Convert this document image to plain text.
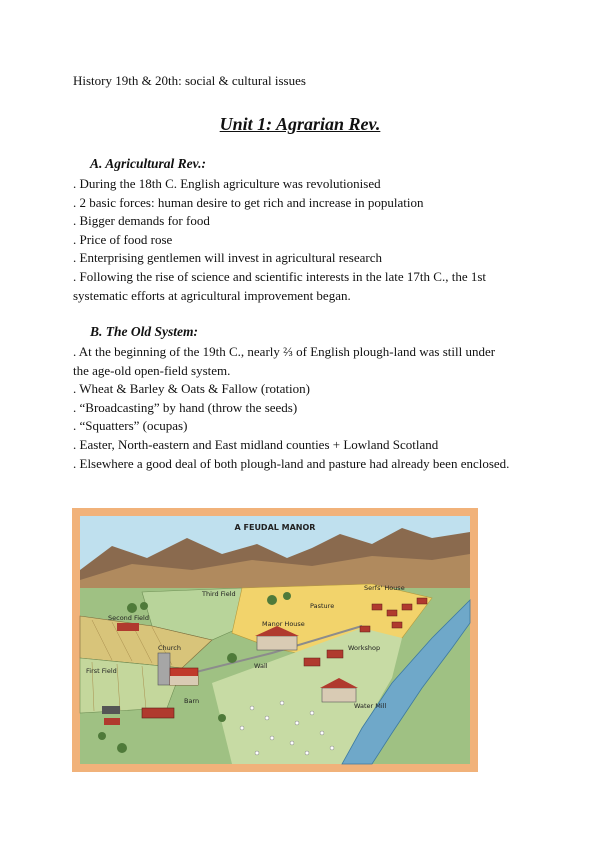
History 19th & 20th: social & cultural issues
Unit 1: Agrarian Rev.
A. Agricultural Rev.:
. During the 18th C. English agriculture was revolutionised
. 2 basic forces: human desire to get rich and increase in population
. Bigger demands for food
. Price of food rose
. Enterprising gentlemen will invest in agricultural research
. Following the rise of science and scientific interests in the late 17th C., the 1st systematic efforts at agricultural improvement began.
B. The Old System:
. At the beginning of the 19th C., nearly ⅔ of English plough-land was still under the age-old open-field system.
. Wheat & Barley & Oats & Fallow (rotation)
. “Broadcasting” by hand (throw the seeds)
. “Squatters” (ocupas)
. Easter, North-eastern and East midland counties + Lowland Scotland
. Elsewhere a good deal of both plough-land and pasture had already been enclosed.
A FEUDAL MANOR
Third Field
Second Field
First Field
Church
Barn
Manor House
Pasture
Serfs' House
Workshop
Wall
Water Mill
